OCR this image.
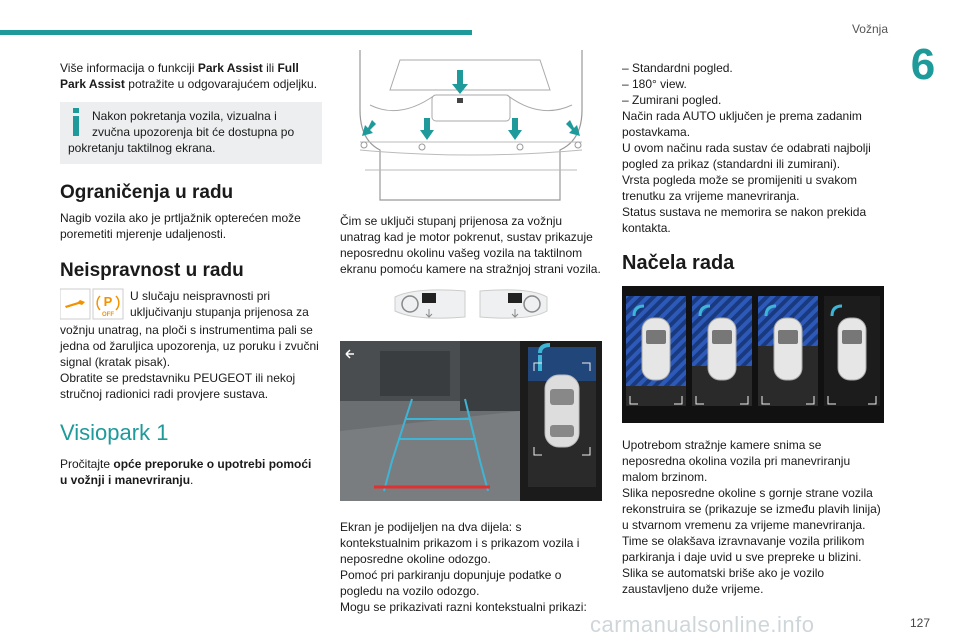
Vožnja
6

Više informacija o funkciji Park Assist ili Full Park Assist potražite u odgovarajućem odjeljku.

Nakon pokretanja vozila, vizualna i zvučna upozorenja bit će dostupna po

pokretanju taktilnog ekrana.

Ograničenja u radu

Nagib vozila ako je prtljažnik opterećen može poremetiti mjerenje udaljenosti.

Neispravnost u radu
P
OFF

U slučaju neispravnosti pri uključivanju stupanja prijenosa za

vožnju unatrag, na ploči s instrumentima pali se jedna od žaruljica upozorenja, uz poruku i zvučni signal (kratak pisak).

Obratite se predstavniku PEUGEOT ili nekoj stručnoj radionici radi provjere sustava.

Visiopark 1

Pročitajte opće preporuke o upotrebi pomoći u vožnji i manevriranju.

Čim se uključi stupanj prijenosa za vožnju unatrag kad je motor pokrenut, sustav prikazuje neposrednu okolinu vašeg vozila na taktilnom ekranu pomoću kamere na stražnjoj strani vozila.

Ekran je podijeljen na dva dijela: s kontekstualnim prikazom i s prikazom vozila i neposredne okoline odozgo.

Pomoć pri parkiranju dopunjuje podatke o pogledu na vozilo odozgo.

Mogu se prikazivati razni kontekstualni prikazi:

– Standardni pogled.

– 180° view.

– Zumirani pogled.

Način rada AUTO uključen je prema zadanim postavkama.

U ovom načinu rada sustav će odabrati najbolji pogled za prikaz (standardni ili zumirani).

Vrsta pogleda može se promijeniti u svakom trenutku za vrijeme manevriranja.

Status sustava ne memorira se nakon prekida kontakta.

Načela rada

Upotrebom stražnje kamere snima se neposredna okolina vozila pri manevriranju malom brzinom.

Slika neposredne okoline s gornje strane vozila rekonstruira se (prikazuje se između plavih linija) u stvarnom vremenu za vrijeme manevriranja.

Time se olakšava izravnavanje vozila prilikom parkiranja i daje uvid u sve prepreke u blizini. Slika se automatski briše ako je vozilo zaustavljeno duže vrijeme.

carmanualsonline.info	127
